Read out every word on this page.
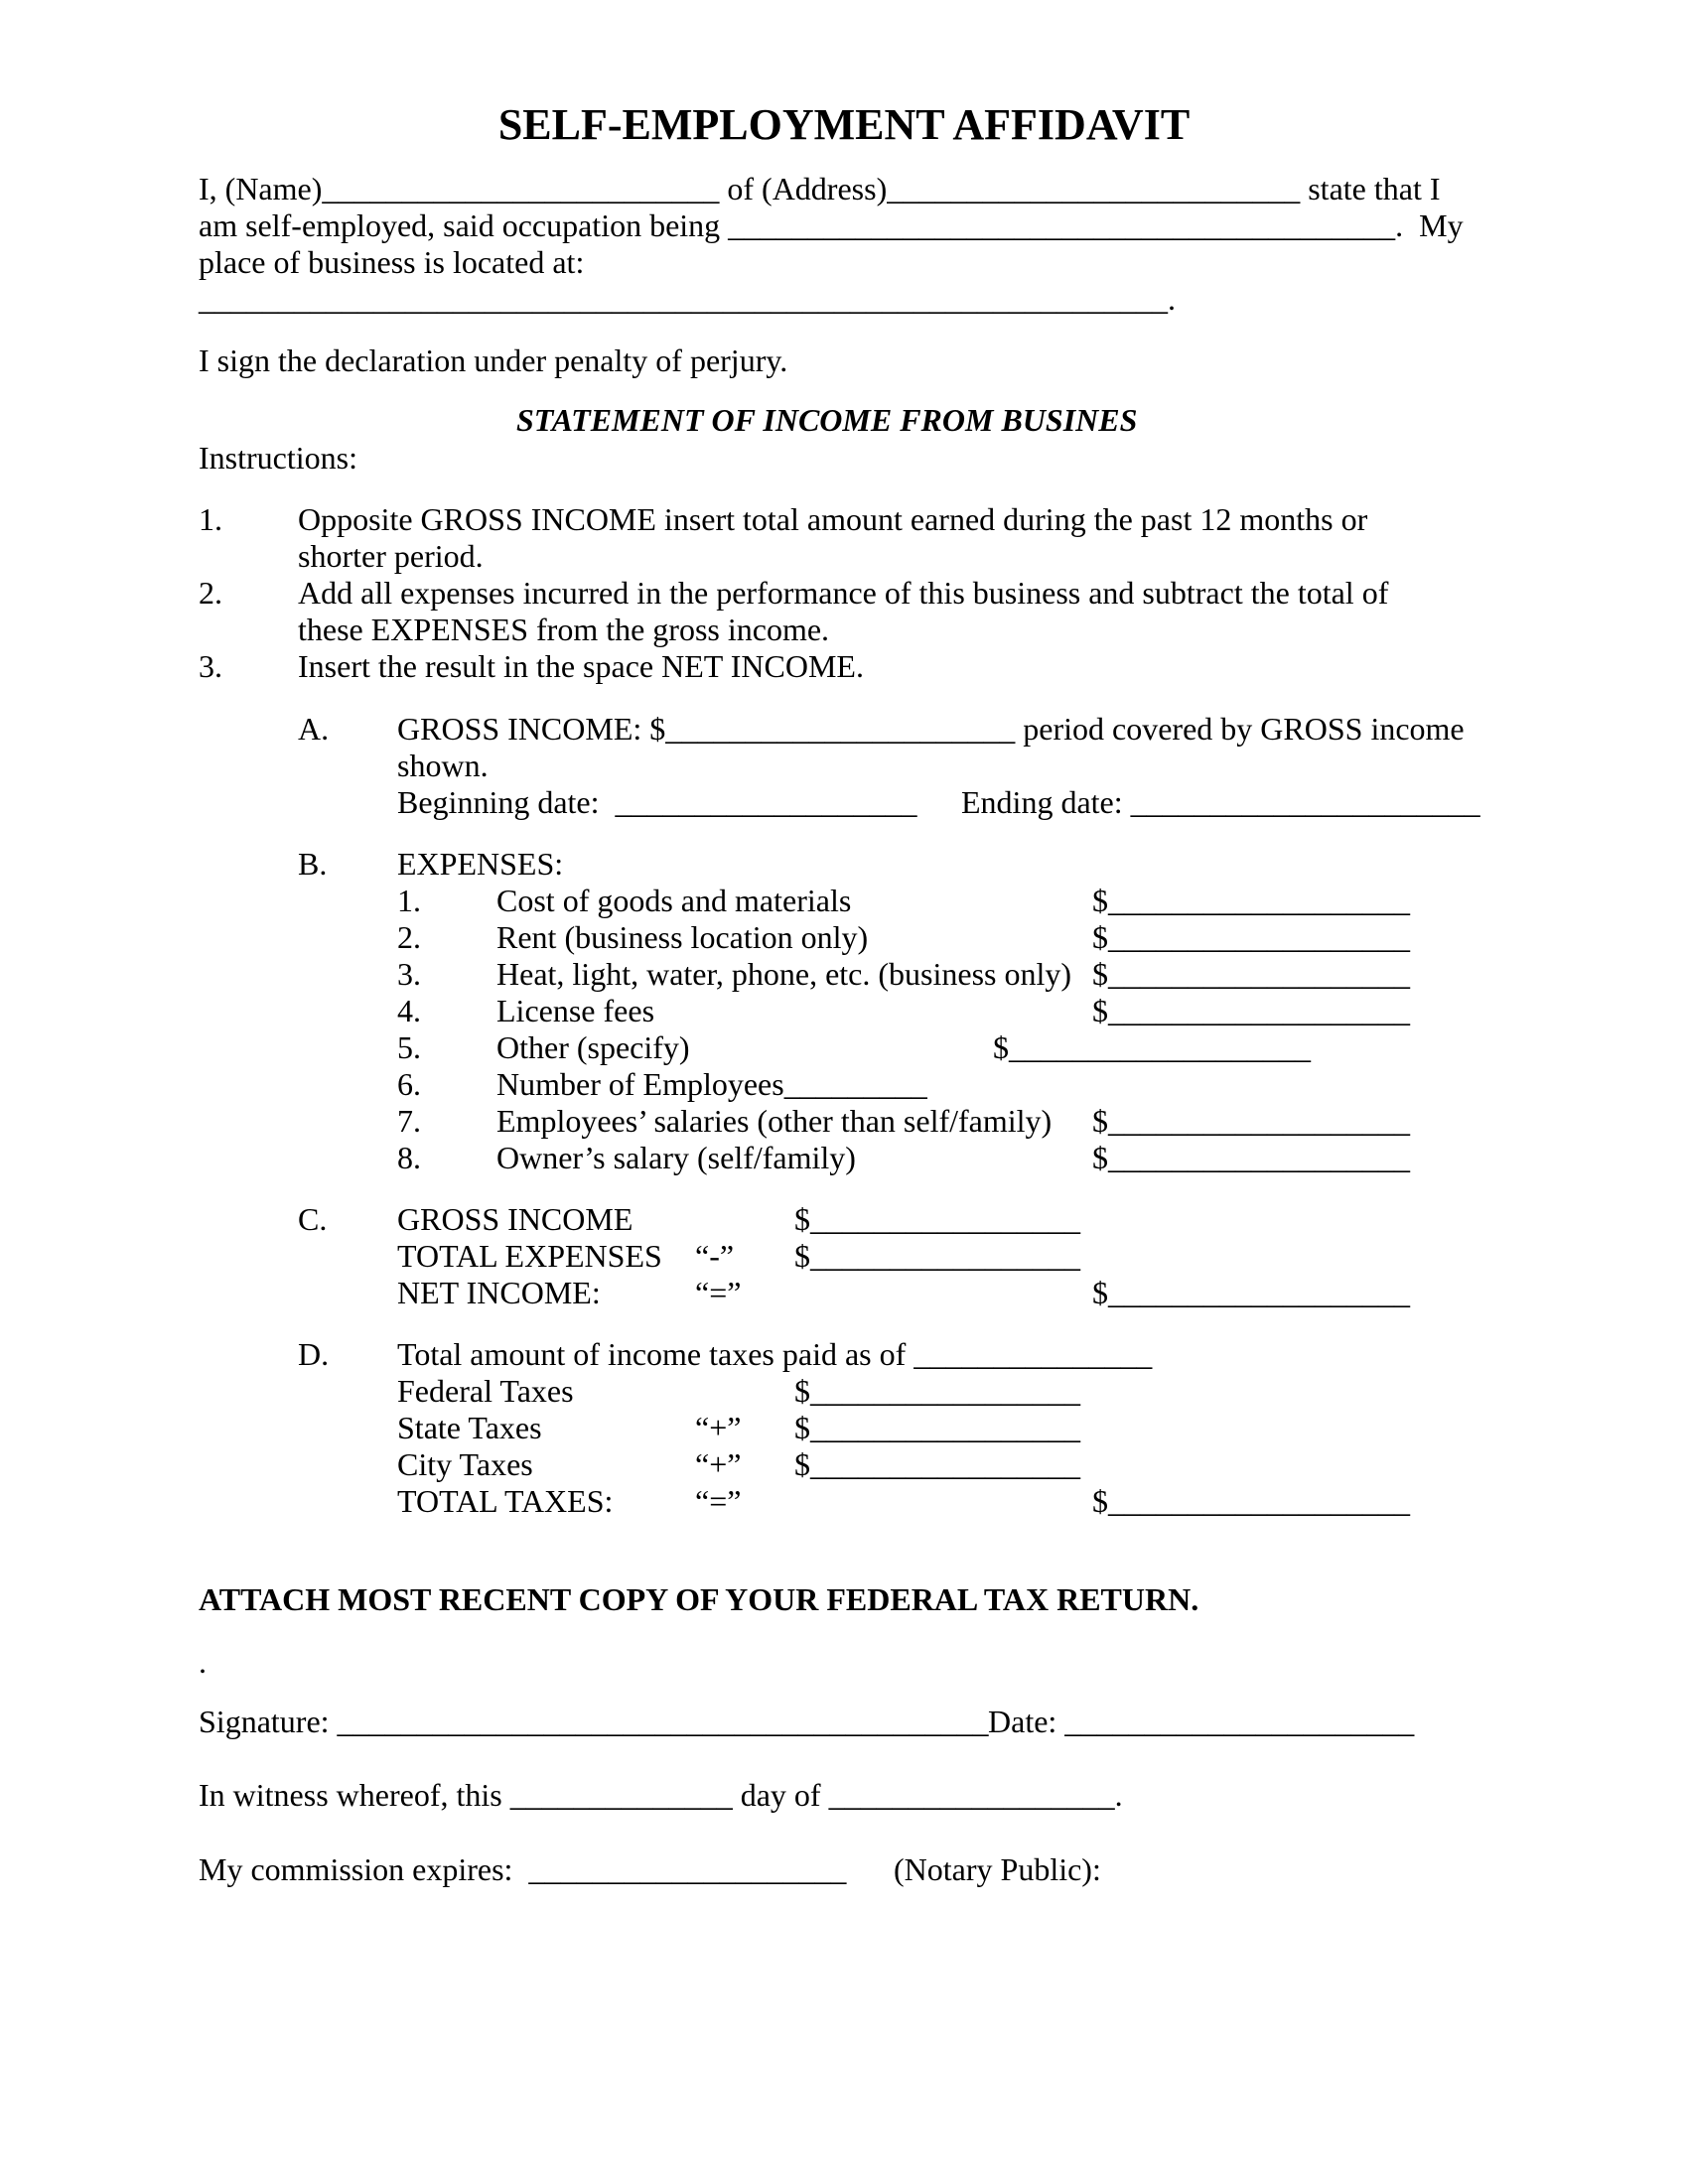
SELF-EMPLOYMENT AFFIDAVIT
I, (Name)_________________________ of (Address)__________________________ state that I
am self-employed, said occupation being __________________________________________.  My
place of business is located at:
_____________________________________________________________.
I sign the declaration under penalty of perjury.
STATEMENT OF INCOME FROM BUSINES
Instructions:
1. Opposite GROSS INCOME insert total amount earned during the past 12 months or
shorter period.
2. Add all expenses incurred in the performance of this business and subtract the total of
these EXPENSES from the gross income.
3. Insert the result in the space NET INCOME.
A. GROSS INCOME: $______________________ period covered by GROSS income
shown.
Beginning date:  ___________________ Ending date: ______________________
B. EXPENSES:
1. Cost of goods and materials	$___________________
2. Rent (business location only)	$___________________
3. Heat, light, water, phone, etc. (business only) $___________________
4. License fees	$___________________
5. Other (specify)	$___________________
6. Number of Employees_________
7. Employees’ salaries (other than self/family) $___________________
8. Owner’s salary (self/family)	$___________________
C. GROSS INCOME	$_________________
TOTAL EXPENSES “-” $_________________
NET INCOME:	“=”	$___________________
D. Total amount of income taxes paid as of _______________
Federal Taxes	$_________________
State Taxes	“+” $_________________
City Taxes	“+” $_________________
TOTAL TAXES:	“=”	$___________________
ATTACH MOST RECENT COPY OF YOUR FEDERAL TAX RETURN.
.
Signature: _________________________________________ Date: ______________________
In witness whereof, this ______________ day of __________________.
My commission expires:  ____________________ (Notary Public):
